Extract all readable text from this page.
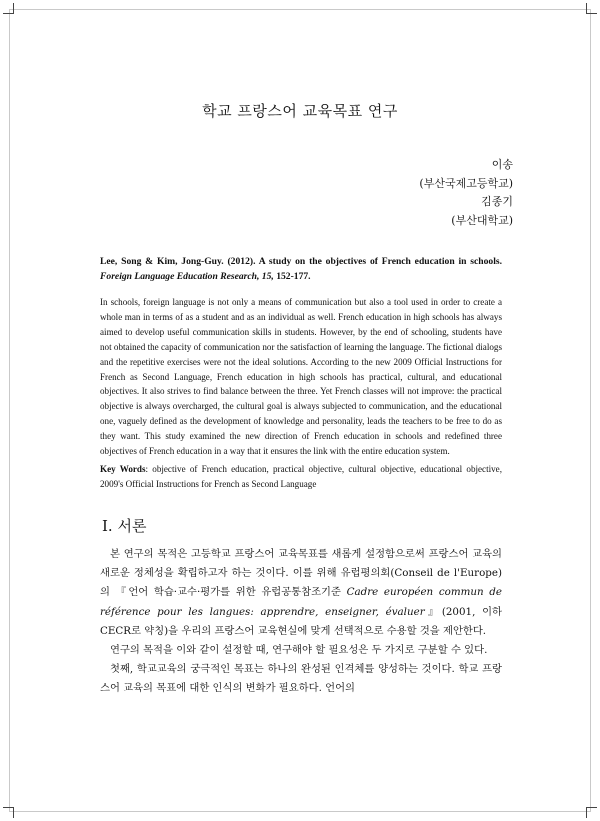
학교 프랑스어 교육목표 연구
이송
(부산국제고등학교)
김종기
(부산대학교)
Lee, Song & Kim, Jong-Guy. (2012). A study on the objectives of French education in schools. Foreign Language Education Research, 15, 152-177.

In schools, foreign language is not only a means of communication but also a tool used in order to create a whole man in terms of as a student and as an individual as well. French education in high schools has always aimed to develop useful communication skills in students. However, by the end of schooling, students have not obtained the capacity of communication nor the satisfaction of learning the language. The fictional dialogs and the repetitive exercises were not the ideal solutions. According to the new 2009 Official Instructions for French as Second Language, French education in high schools has practical, cultural, and educational objectives. It also strives to find balance between the three. Yet French classes will not improve: the practical objective is always overcharged, the cultural goal is always subjected to communication, and the educational one, vaguely defined as the development of knowledge and personality, leads the teachers to be free to do as they want. This study examined the new direction of French education in schools and redefined three objectives of French education in a way that it ensures the link with the entire education system.

Key Words: objective of French education, practical objective, cultural objective, educational objective, 2009's Official Instructions for French as Second Language
Ⅰ. 서론

본 연구의 목적은 고등학교 프랑스어 교육목표를 새롭게 설정함으로써 프랑스어 교육의 새로운 정체성을 확립하고자 하는 것이다. 이를 위해 유럽평의회(Conseil de l'Europe)의 『언어 학습·교수·평가를 위한 유럽공통참조기준 Cadre européen commun de référence pour les langues: apprendre, enseigner, évaluer』(2001, 이하 CECR로 약칭)을 우리의 프랑스어 교육현실에 맞게 선택적으로 수용할 것을 제안한다.

연구의 목적을 이와 같이 설정할 때, 연구해야 할 필요성은 두 가지로 구분할 수 있다.

첫째, 학교교육의 궁극적인 목표는 하나의 완성된 인격체를 양성하는 것이다. 학교 프랑스어 교육의 목표에 대한 인식의 변화가 필요하다. 언어의
